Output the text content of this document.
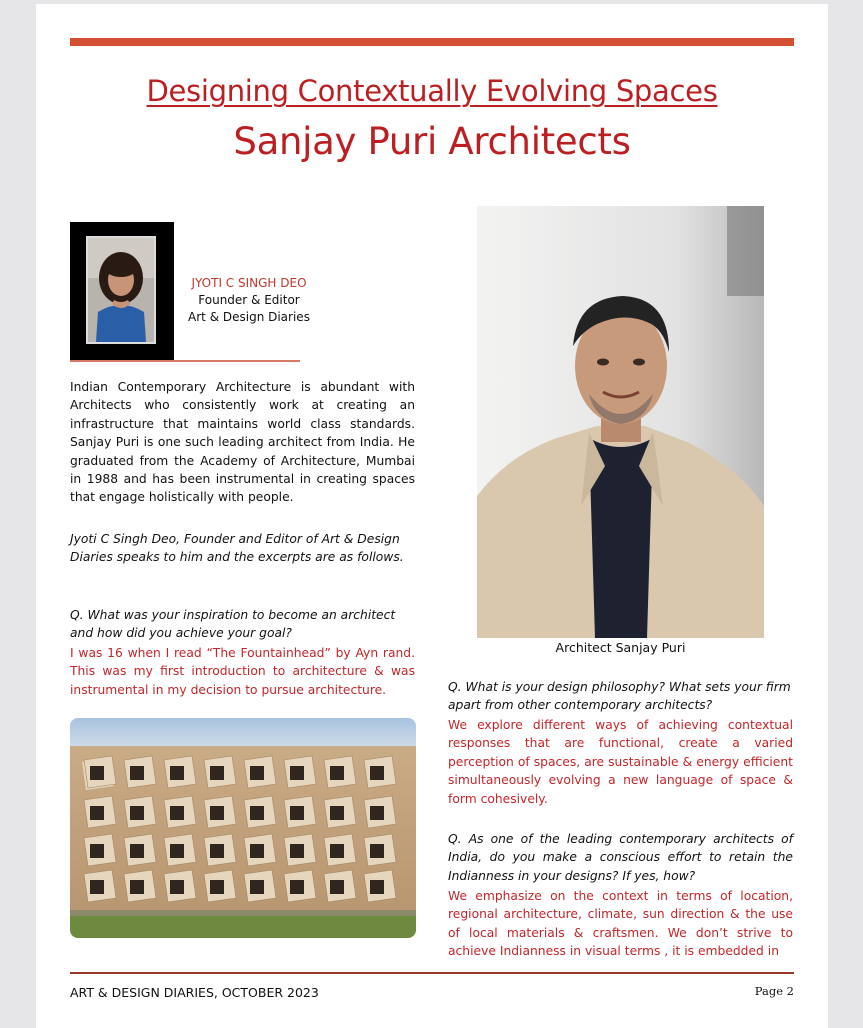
Designing Contextually Evolving Spaces
Sanjay Puri Architects
JYOTI C SINGH DEO
Founder & Editor
Art & Design Diaries
Indian Contemporary Architecture is abundant with Architects who consistently work at creating an infrastructure that maintains world class standards. Sanjay Puri is one such leading architect from India. He graduated from the Academy of Architecture, Mumbai in 1988 and has been instrumental in creating spaces that engage holistically with people.
Jyoti C Singh Deo, Founder and Editor of Art & Design Diaries speaks to him and the excerpts are as follows.
Q. What was your inspiration to become an architect and how did you achieve your goal?
I was 16 when I read “The Fountainhead” by Ayn rand. This was my first introduction to architecture & was instrumental in my decision to pursue architecture.
Architect Sanjay Puri
Q. What is your design philosophy? What sets your firm apart from other contemporary architects?
We explore different ways of achieving contextual responses that are functional, create a varied perception of spaces, are sustainable & energy efficient simultaneously evolving a new language of space & form cohesively.
Q. As one of the leading contemporary architects of India, do you make a conscious effort to retain the Indianness in your designs? If yes, how?
We emphasize on the context in terms of location, regional architecture, climate, sun direction & the use of local materials & craftsmen. We don’t strive to achieve Indianness in visual terms , it is embedded in
ART & DESIGN DIARIES, OCTOBER 2023	Page 2
